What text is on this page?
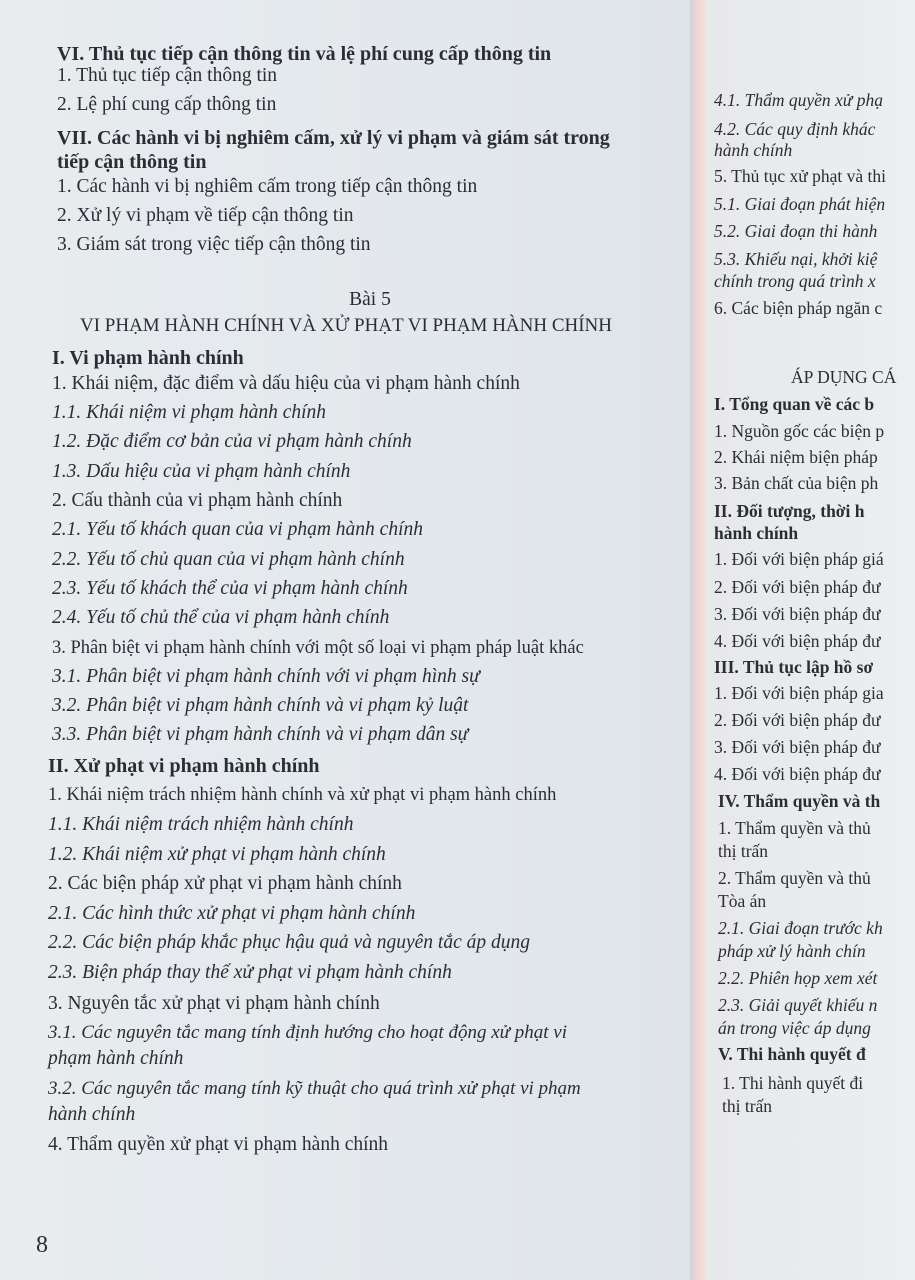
VI. Thủ tục tiếp cận thông tin và lệ phí cung cấp thông tin
1. Thủ tục tiếp cận thông tin
2. Lệ phí cung cấp thông tin
VII. Các hành vi bị nghiêm cấm, xử lý vi phạm và giám sát trong
tiếp cận thông tin
1. Các hành vi bị nghiêm cấm trong tiếp cận thông tin
2. Xử lý vi phạm về tiếp cận thông tin
3. Giám sát trong việc tiếp cận thông tin
Bài 5
VI PHẠM HÀNH CHÍNH VÀ XỬ PHẠT VI PHẠM HÀNH CHÍNH
I. Vi phạm hành chính
1. Khái niệm, đặc điểm và dấu hiệu của vi phạm hành chính
1.1. Khái niệm vi phạm hành chính
1.2. Đặc điểm cơ bản của vi phạm hành chính
1.3. Dấu hiệu của vi phạm hành chính
2. Cấu thành của vi phạm hành chính
2.1. Yếu tố khách quan của vi phạm hành chính
2.2. Yếu tố chủ quan của vi phạm hành chính
2.3. Yếu tố khách thể của vi phạm hành chính
2.4. Yếu tố chủ thể của vi phạm hành chính
3. Phân biệt vi phạm hành chính với một số loại vi phạm pháp luật khác
3.1. Phân biệt vi phạm hành chính với vi phạm hình sự
3.2. Phân biệt vi phạm hành chính và vi phạm kỷ luật
3.3. Phân biệt vi phạm hành chính và vi phạm dân sự
II. Xử phạt vi phạm hành chính
1. Khái niệm trách nhiệm hành chính và xử phạt vi phạm hành chính
1.1. Khái niệm trách nhiệm hành chính
1.2. Khái niệm xử phạt vi phạm hành chính
2. Các biện pháp xử phạt vi phạm hành chính
2.1. Các hình thức xử phạt vi phạm hành chính
2.2. Các biện pháp khắc phục hậu quả và nguyên tắc áp dụng
2.3. Biện pháp thay thế xử phạt vi phạm hành chính
3. Nguyên tắc xử phạt vi phạm hành chính
3.1. Các nguyên tắc mang tính định hướng cho hoạt động xử phạt vi
phạm hành chính
3.2. Các nguyên tắc mang tính kỹ thuật cho quá trình xử phạt vi phạm
hành chính
4. Thẩm quyền xử phạt vi phạm hành chính
8
4.1. Thẩm quyền xử phạ
4.2. Các quy định khác
hành chính
5. Thủ tục xử phạt và thi
5.1. Giai đoạn phát hiện
5.2. Giai đoạn thi hành
5.3. Khiếu nại, khởi kiệ
chính trong quá trình x
6. Các biện pháp ngăn c
ÁP DỤNG CÁ
I. Tổng quan về các b
1. Nguồn gốc các biện p
2. Khái niệm biện pháp
3. Bản chất của biện ph
II. Đối tượng, thời h
hành chính
1. Đối với biện pháp giá
2. Đối với biện pháp đư
3. Đối với biện pháp đư
4. Đối với biện pháp đư
III. Thủ tục lập hồ sơ
1. Đối với biện pháp gia
2. Đối với biện pháp đư
3. Đối với biện pháp đư
4. Đối với biện pháp đư
IV. Thẩm quyền và th
1. Thẩm quyền và thủ
thị trấn
2. Thẩm quyền và thủ
Tòa án
2.1. Giai đoạn trước kh
pháp xử lý hành chín
2.2. Phiên họp xem xét
2.3. Giải quyết khiếu n
án trong việc áp dụng
V. Thi hành quyết đ
1. Thi hành quyết đi
thị trấn
